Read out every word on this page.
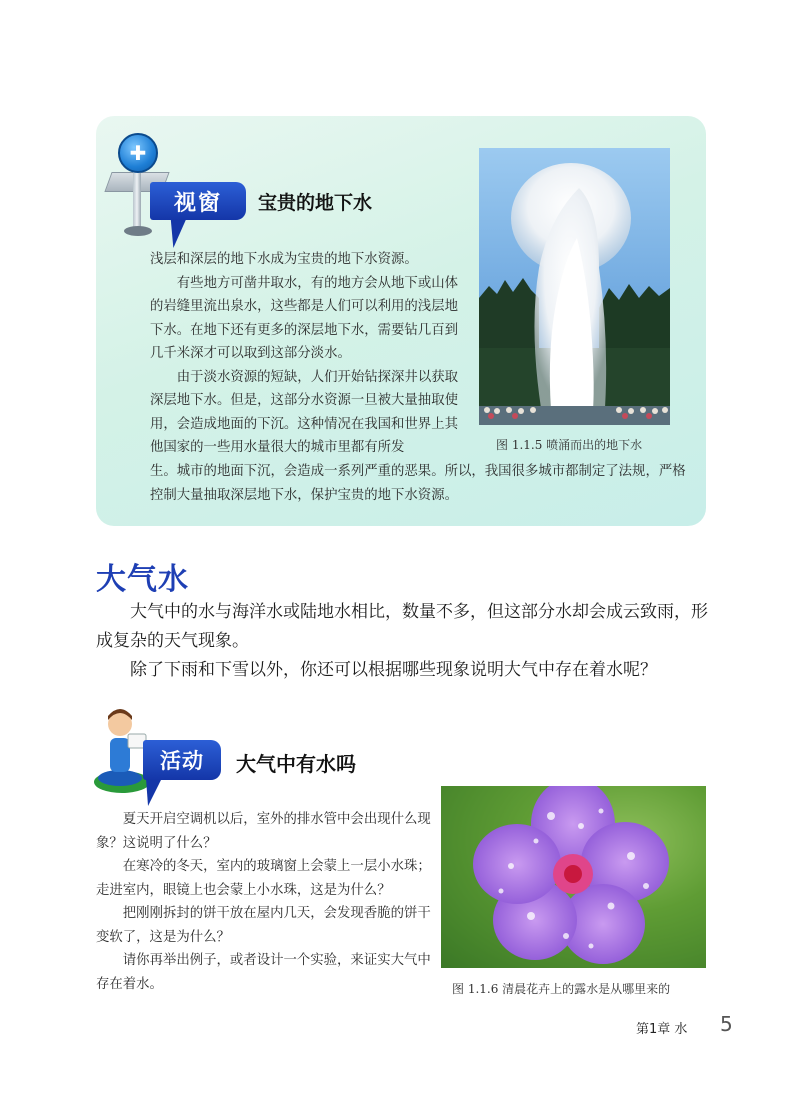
✚
视窗	宝贵的地下水

浅层和深层的地下水成为宝贵的地下水资源。

有些地方可凿井取水，有的地方会从地下或山体的岩缝里流出泉水，这些都是人们可以利用的浅层地下水。在地下还有更多的深层地下水，需要钻几百到几千米深才可以取到这部分淡水。

由于淡水资源的短缺，人们开始钻探深井以获取深层地下水。但是，这部分水资源一旦被大量抽取使用，会造成地面的下沉。这种情况在我国和世界上其他国家的一些用水量很大的城市里都有所发

生。城市的地面下沉，会造成一系列严重的恶果。所以，我国很多城市都制定了法规，严格控制大量抽取深层地下水，保护宝贵的地下水资源。

图 1.1.5 喷涌而出的地下水
大气水

大气中的水与海洋水或陆地水相比，数量不多，但这部分水却会成云致雨，形成复杂的天气现象。

除了下雨和下雪以外，你还可以根据哪些现象说明大气中存在着水呢？

活动	大气中有水吗

夏天开启空调机以后，室外的排水管中会出现什么现象？这说明了什么？

在寒冷的冬天，室内的玻璃窗上会蒙上一层小水珠；走进室内，眼镜上也会蒙上小水珠，这是为什么？

把刚刚拆封的饼干放在屋内几天，会发现香脆的饼干变软了，这是为什么？

请你再举出例子，或者设计一个实验，来证实大气中存在着水。	图 1.1.6 清晨花卉上的露水是从哪里来的
第1章 水 5
